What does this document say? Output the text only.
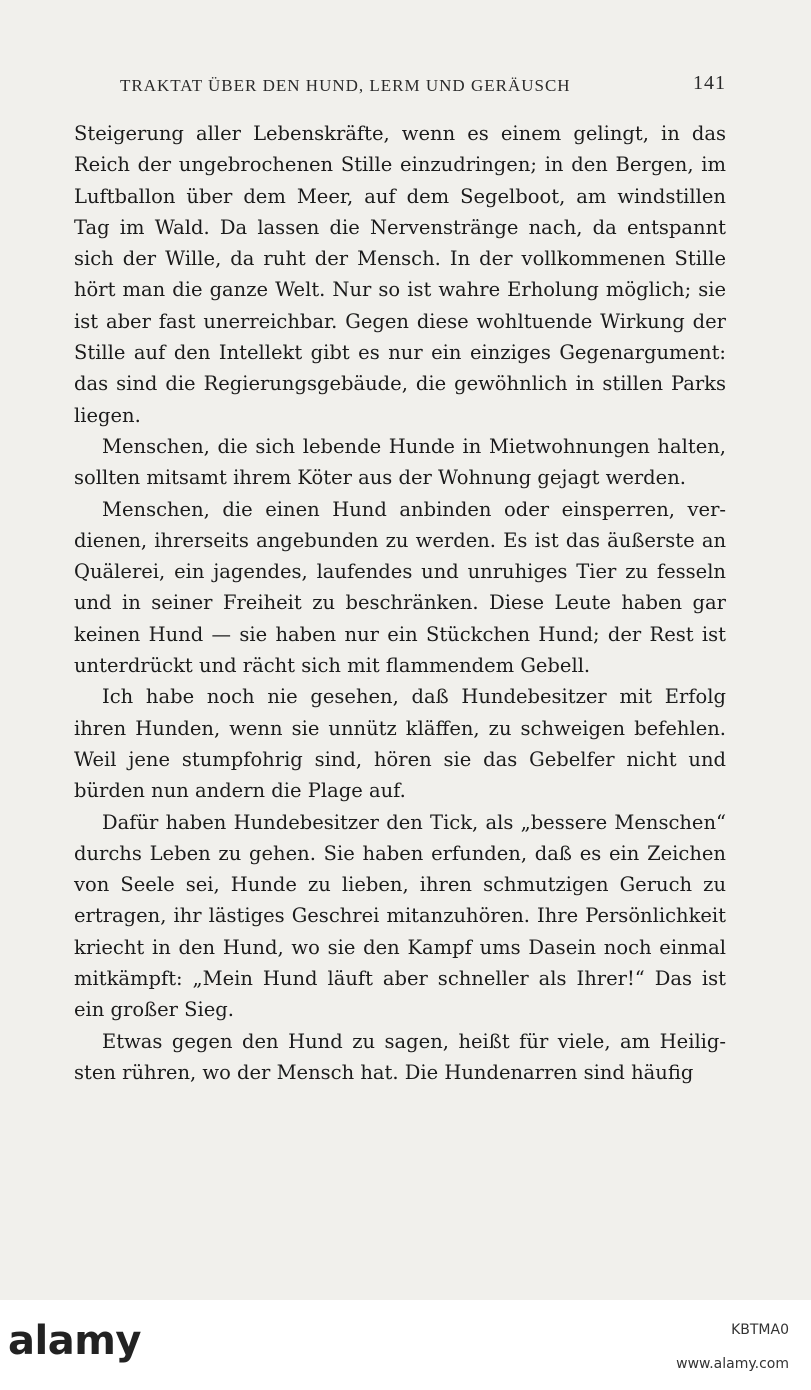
TRAKTAT ÜBER DEN HUND, LERM UND GERÄUSCH	141

Steigerung aller Lebenskräfte, wenn es einem gelingt, in das Reich der ungebrochenen Stille einzudringen; in den Bergen, im Luftballon über dem Meer, auf dem Segelboot, am windstillen Tag im Wald. Da lassen die Nervenstränge nach, da entspannt sich der Wille, da ruht der Mensch. In der vollkommenen Stille hört man die ganze Welt. Nur so ist wahre Erholung möglich; sie ist aber fast unerreichbar. Gegen diese wohltuende Wirkung der Stille auf den Intellekt gibt es nur ein einziges Gegenargument: das sind die Regierungsgebäude, die gewöhnlich in stillen Parks liegen.

Menschen, die sich lebende Hunde in Mietwohnungen halten, sollten mitsamt ihrem Köter aus der Wohnung gejagt werden.

Menschen, die einen Hund anbinden oder einsperren, verdienen, ihrerseits angebunden zu werden. Es ist das äußerste an Quälerei, ein jagendes, laufendes und unruhiges Tier zu fesseln und in seiner Freiheit zu beschränken. Diese Leute haben gar keinen Hund — sie haben nur ein Stückchen Hund; der Rest ist unterdrückt und rächt sich mit flammendem Gebell.

Ich habe noch nie gesehen, daß Hundebesitzer mit Erfolg ihren Hunden, wenn sie unnütz kläffen, zu schweigen befehlen. Weil jene stumpfohrig sind, hören sie das Gebelfer nicht und bürden nun andern die Plage auf.

Dafür haben Hundebesitzer den Tick, als „bessere Menschen“ durchs Leben zu gehen. Sie haben erfunden, daß es ein Zeichen von Seele sei, Hunde zu lieben, ihren schmutzigen Geruch zu ertragen, ihr lästiges Geschrei mitanzuhören. Ihre Persönlichkeit kriecht in den Hund, wo sie den Kampf ums Dasein noch einmal mitkämpft: „Mein Hund läuft aber schneller als Ihrer!“ Das ist ein großer Sieg.

Etwas gegen den Hund zu sagen, heißt für viele, am Heiligsten rühren, wo der Mensch hat. Die Hundenarren sind häufig

alamy	KBTMA0
www.alamy.com
